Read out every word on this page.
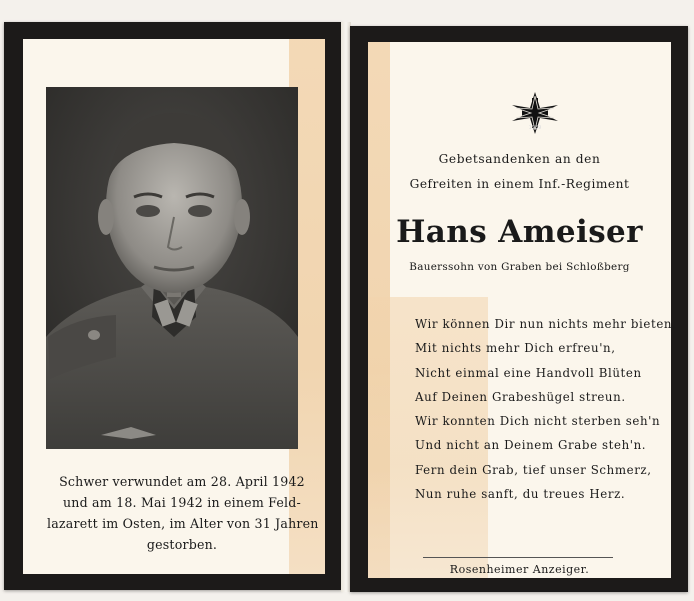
Schwer verwundet am 28. April 1942
und am 18. Mai 1942 in einem Feld-
lazarett im Osten, im Alter von 31 Jahren
gestorben.
1939
Gebetsandenken an den
Gefreiten in einem Inf.-Regiment
Hans Ameiser
Bauerssohn von Graben bei Schloßberg
Wir können Dir nun nichts mehr bieten,
Mit nichts mehr Dich erfreu'n,
Nicht einmal eine Handvoll Blüten
Auf Deinen Grabeshügel streun.
Wir konnten Dich nicht sterben seh'n
Und nicht an Deinem Grabe steh'n.
Fern dein Grab, tief unser Schmerz,
Nun ruhe sanft, du treues Herz.
Rosenheimer Anzeiger.
